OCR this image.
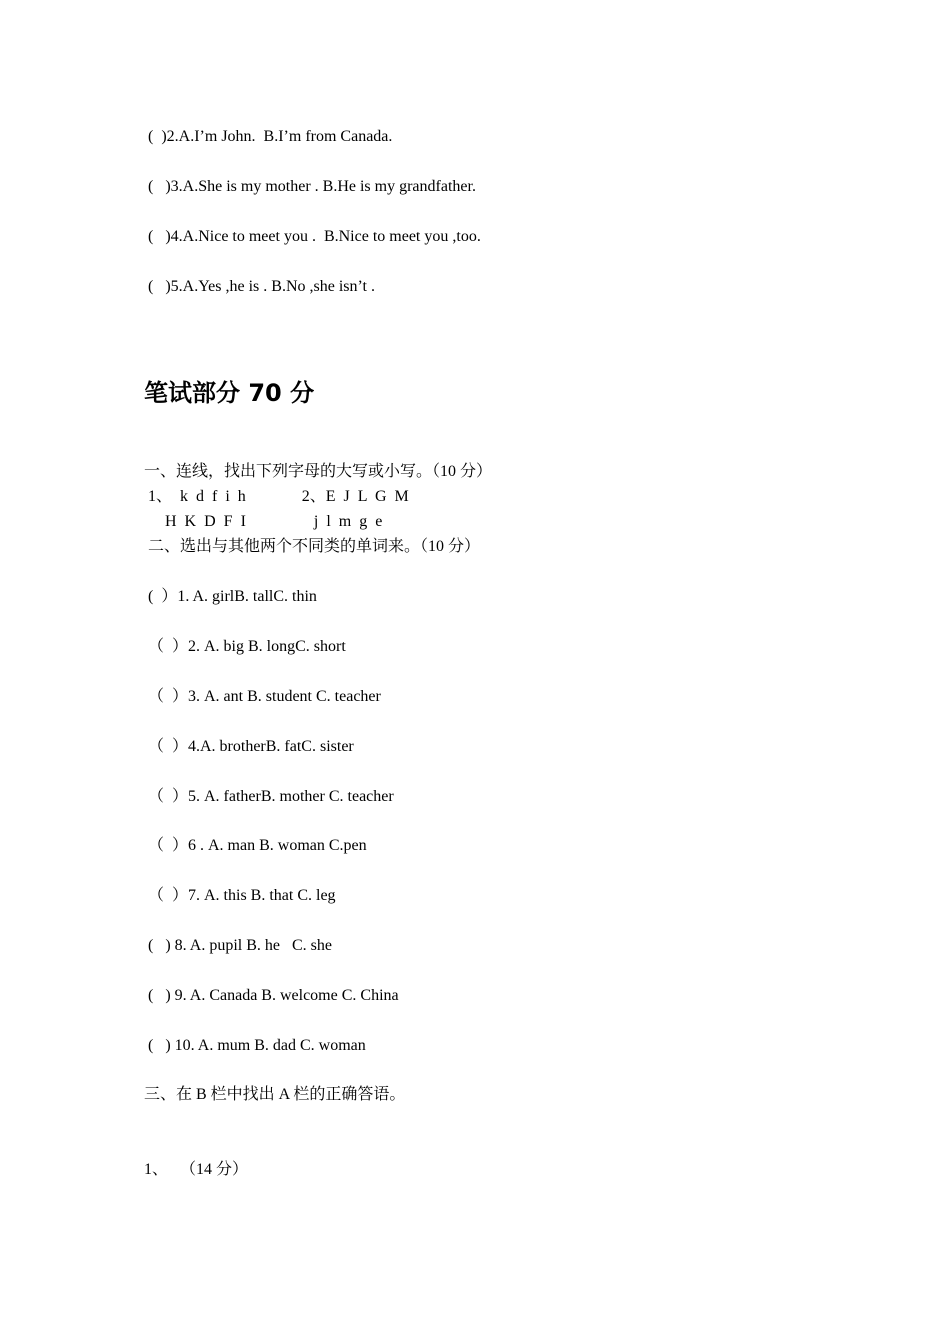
(  )2.A.I’m John.  B.I’m from Canada.
(   )3.A.She is my mother . B.He is my grandfather.
(   )4.A.Nice to meet you .  B.Nice to meet you ,too.
(   )5.A.Yes ,he is . B.No ,she isn’t .
笔试部分 70 分
一、连线，找出下列字母的大写或小写。（10 分）
1、  k  d  f  i  h              2、E  J  L  G  M
H  K  D  F  I                 j  l  m  g  e
二、选出与其他两个不同类的单词来。（10 分）
(  ）1. A. girlB. tallC. thin
（  ）2. A. big B. longC. short
（  ）3. A. ant B. student C. teacher
（  ）4.A. brotherB. fatC. sister
（  ）5. A. fatherB. mother C. teacher
（  ）6 . A. man B. woman C.pen
（  ）7. A. this B. that C. leg
(   ) 8. A. pupil B. he   C. she
(   ) 9. A. Canada B. welcome C. China
(   ) 10. A. mum B. dad C. woman
三、在 B 栏中找出 A 栏的正确答语。
1、   （14 分）
